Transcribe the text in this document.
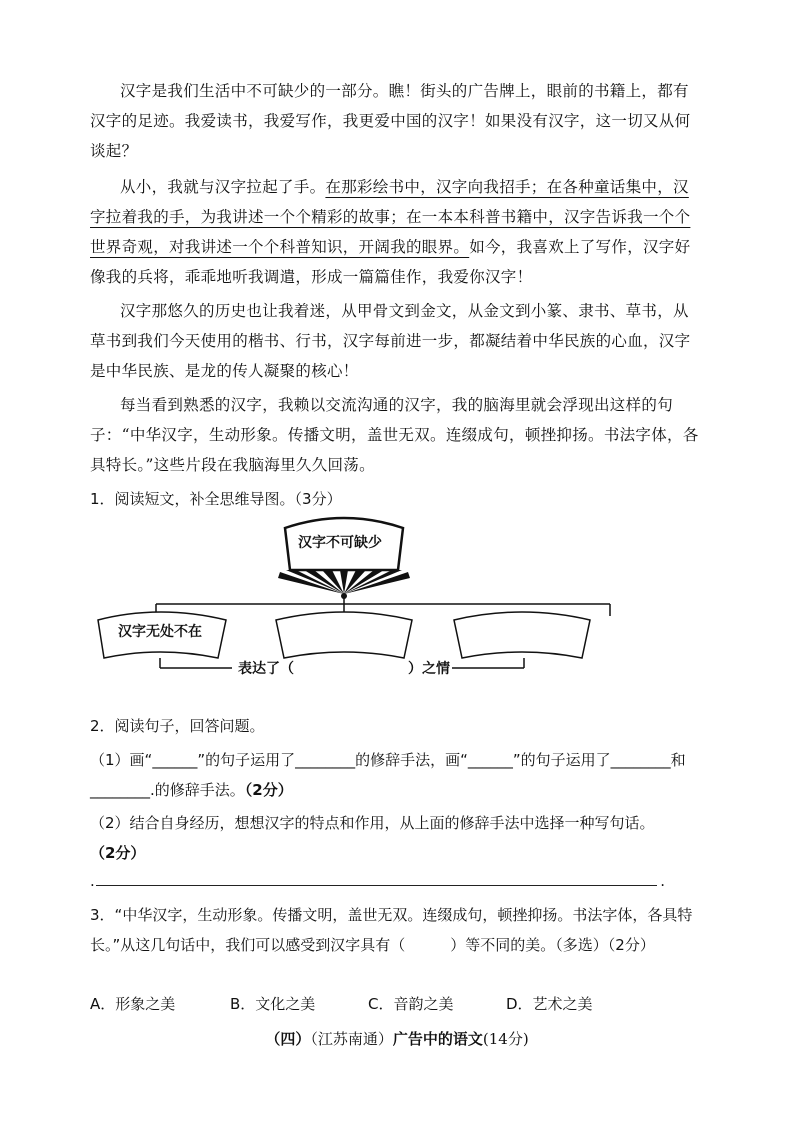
汉字是我们生活中不可缺少的一部分。瞧！街头的广告牌上，眼前的书籍上，都有汉字的足迹。我爱读书，我爱写作，我更爱中国的汉字！如果没有汉字，这一切又从何谈起？
从小，我就与汉字拉起了手。在那彩绘书中，汉字向我招手；在各种童话集中，汉字拉着我的手，为我讲述一个个精彩的故事；在一本本科普书籍中，汉字告诉我一个个世界奇观，对我讲述一个个科普知识，开阔我的眼界。如今，我喜欢上了写作，汉字好像我的兵将，乖乖地听我调遣，形成一篇篇佳作，我爱你汉字！
汉字那悠久的历史也让我着迷，从甲骨文到金文，从金文到小篆、隶书、草书，从草书到我们今天使用的楷书、行书，汉字每前进一步，都凝结着中华民族的心血，汉字是中华民族、是龙的传人凝聚的核心！
每当看到熟悉的汉字，我赖以交流沟通的汉字，我的脑海里就会浮现出这样的句子：“中华汉字，生动形象。传播文明，盖世无双。连缀成句，顿挫抑扬。书法字体，各具特长。”这些片段在我脑海里久久回荡。
1．阅读短文，补全思维导图。（3分）
汉字不可缺少
汉字无处不在
表达了（	）之情
2．阅读句子，回答问题。
（1）画“______”的句子运用了________的修辞手法，画“______”的句子运用了________和________.的修辞手法。（2分）
（2）结合自身经历，想想汉字的特点和作用，从上面的修辞手法中选择一种写句话。
（2分）
.	.
3．“中华汉字，生动形象。传播文明，盖世无双。连缀成句，顿挫抑扬。书法字体，各具特长。”从这几句话中，我们可以感受到汉字具有（　　　）等不同的美。（多选）（2分）
A．形象之美	B．文化之美	C．音韵之美	D．艺术之美
（四）（江苏南通）广告中的语文(14分)
